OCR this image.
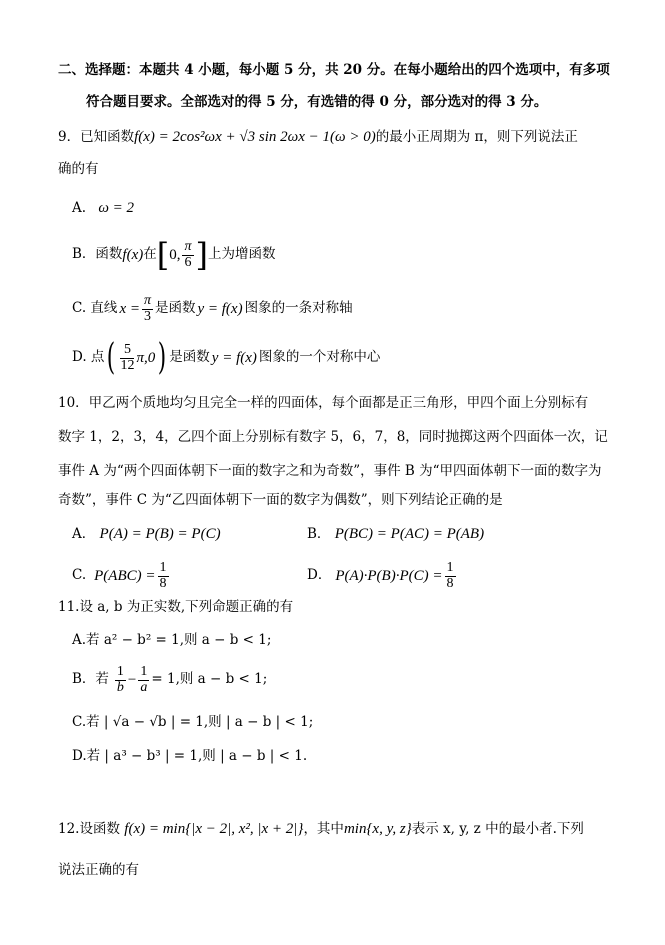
二、选择题：本题共 4 小题，每小题 5 分，共 20 分。在每小题给出的四个选项中，有多项
符合题目要求。全部选对的得 5 分，有选错的得 0 分，部分选对的得 3 分。
9．已知函数f(x) = 2cos²ωx + √3 sin 2ωx − 1(ω > 0)的最小正周期为 π，则下列说法正
确的有
A. ω = 2
B．函数 f(x) 在 [ 0, $\frac{\pi}{6}$ ] 上为增函数
C. 直线 $x = \frac{\pi}{3}$ 是函数 y = f(x) 图象的一条对称轴
D. 点 ( $\frac{5}{12} \pi,0$ ) 是函数 y = f(x) 图象的一个对称中心
10．甲乙两个质地均匀且完全一样的四面体，每个面都是正三角形，甲四个面上分别标有
数字 1，2，3，4，乙四个面上分别标有数字 5，6，7，8，同时抛掷这两个四面体一次，记
事件 A 为“两个四面体朝下一面的数字之和为奇数”，事件 B 为“甲四面体朝下一面的数字为
奇数”，事件 C 为“乙四面体朝下一面的数字为偶数”，则下列结论正确的是
A． P(A) = P(B) = P(C)	B． P(BC) = P(AC) = P(AB)
C. $P(ABC) = \frac{1}{8}$	D． $P(A)\cdot P(B)\cdot P(C) = \frac{1}{8}$
11.设 a, b 为正实数,下列命题正确的有
A.若 a² − b² = 1,则 a − b < 1;
B．若 $\frac{1}{b} - \frac{1}{a} = 1$,则 a − b < 1;
C.若 | √a − √b | = 1,则 | a − b | < 1;
D.若 | a³ − b³ | = 1,则 | a − b | < 1.
12.设函数 f(x) = min{|x − 2|, x², |x + 2|}，其中min{x, y, z}表示 x, y, z 中的最小者.下列
说法正确的有
